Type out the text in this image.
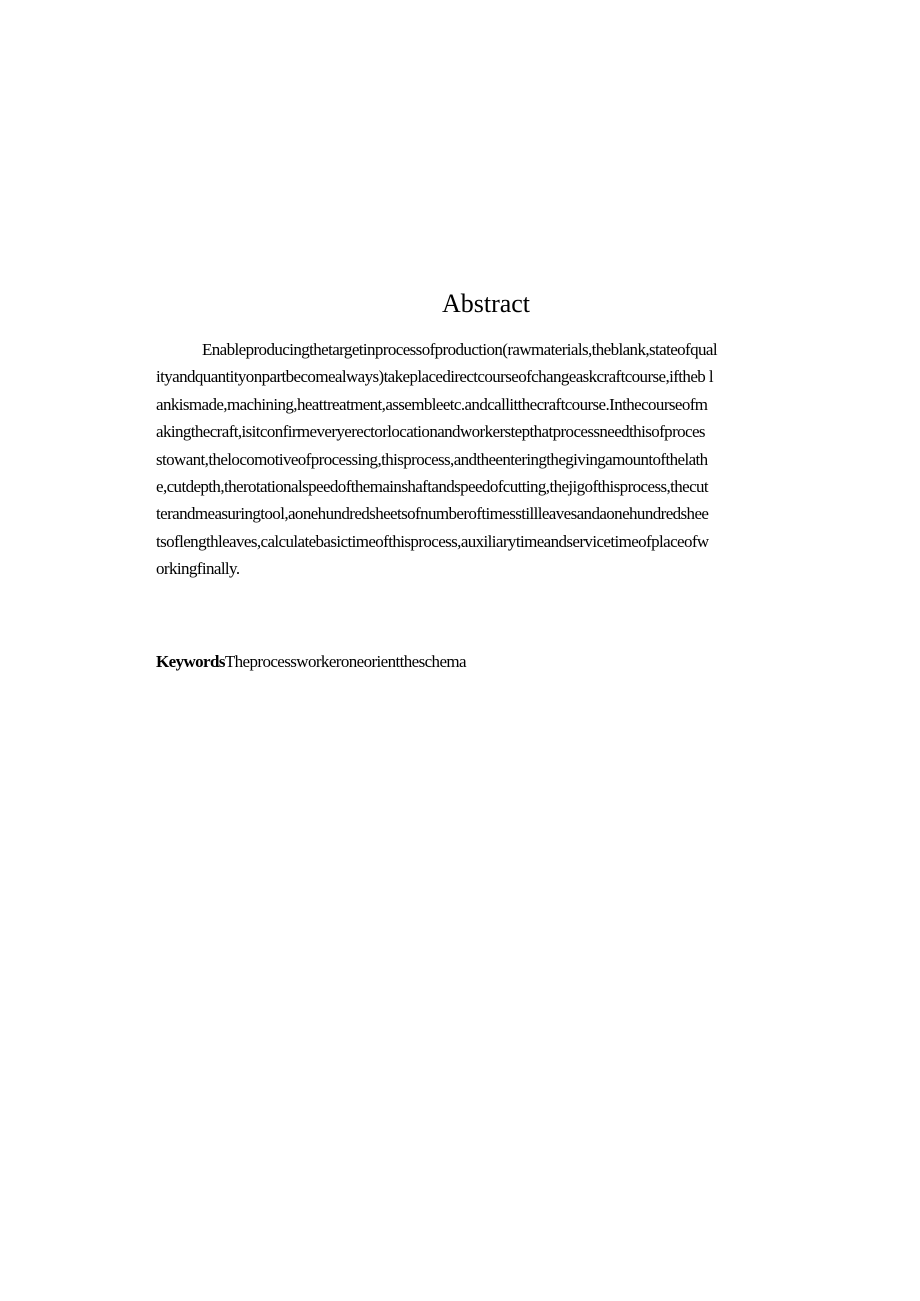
Abstract
Enableproducingthetargetinprocessofproduction(rawmaterials,theblank,stateofqual
ityandquantityonpartbecomealways)takeplacedirectcourseofchangeaskcraftcourse,iftheb l
ankismade,machining,heattreatment,assembleetc.andcallitthecraftcourse.Inthecourseofm
akingthecraft,isitconfirmeveryerectorlocationandworkerstepthatprocessneedthisofproces
stowant,thelocomotiveofprocessing,thisprocess,andtheenteringthegivingamountofthelath
e,cutdepth,therotationalspeedofthemainshaftandspeedofcutting,thejigofthisprocess,thecut
terandmeasuringtool,aonehundredsheetsofnumberoftimesstillleavesandaonehundredshee
tsoflengthleaves,calculatebasictimeofthisprocess,auxiliarytimeandservicetimeofplaceofw
orkingfinally.

KeywordsTheprocessworkeroneorienttheschema
